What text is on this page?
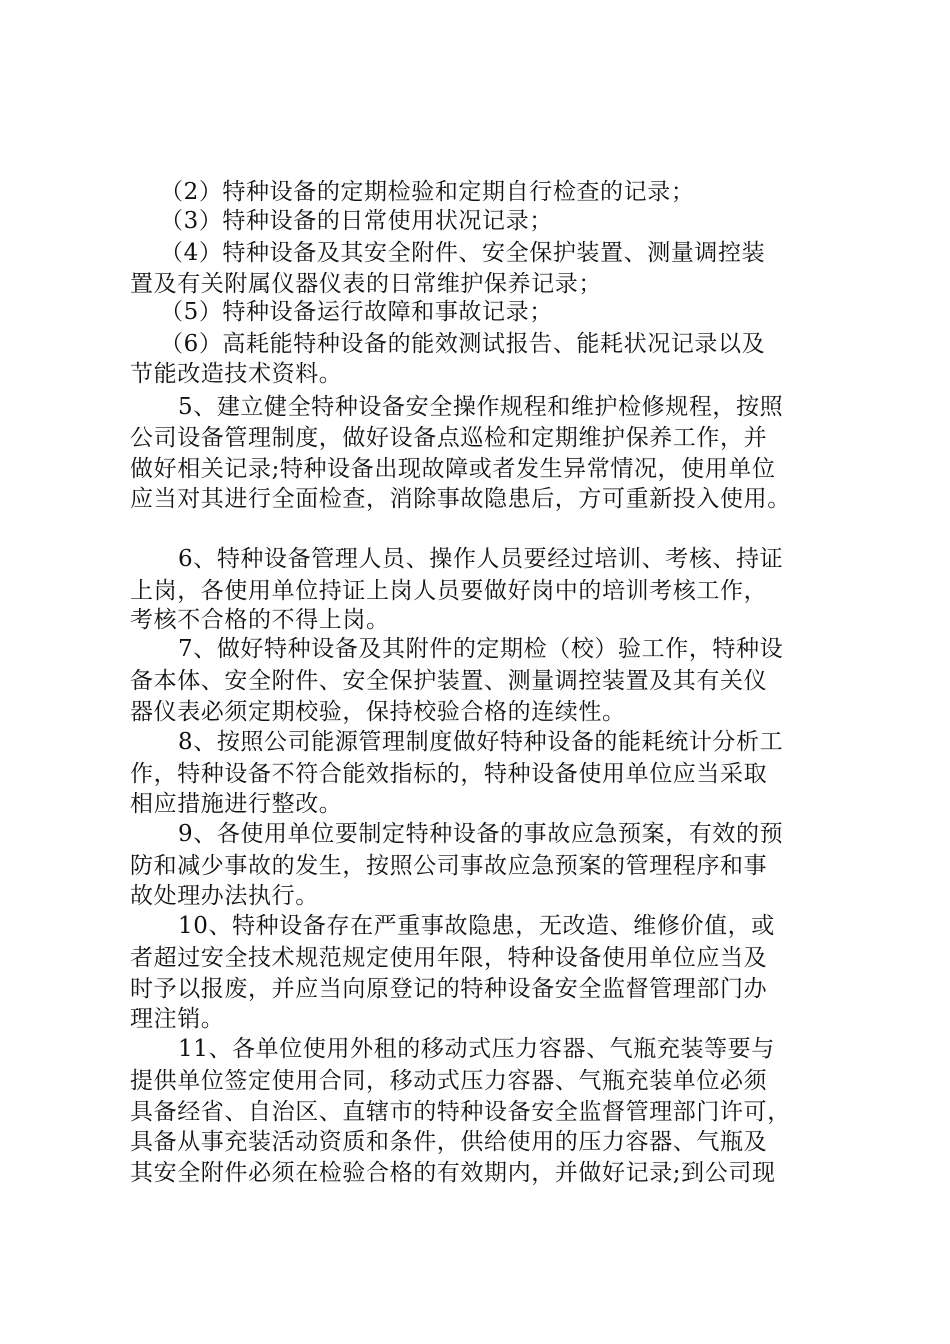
（2）特种设备的定期检验和定期自行检查的记录；
（3）特种设备的日常使用状况记录；
（4）特种设备及其安全附件、安全保护装置、测量调控装
置及有关附属仪器仪表的日常维护保养记录；
（5）特种设备运行故障和事故记录；
（6）高耗能特种设备的能效测试报告、能耗状况记录以及
节能改造技术资料。
5、建立健全特种设备安全操作规程和维护检修规程，按照
公司设备管理制度，做好设备点巡检和定期维护保养工作，并
做好相关记录;特种设备出现故障或者发生异常情况，使用单位
应当对其进行全面检查，消除事故隐患后，方可重新投入使用。
6、特种设备管理人员、操作人员要经过培训、考核、持证
上岗，各使用单位持证上岗人员要做好岗中的培训考核工作，
考核不合格的不得上岗。
7、做好特种设备及其附件的定期检（校）验工作，特种设
备本体、安全附件、安全保护装置、测量调控装置及其有关仪
器仪表必须定期校验，保持校验合格的连续性。
8、按照公司能源管理制度做好特种设备的能耗统计分析工
作，特种设备不符合能效指标的，特种设备使用单位应当采取
相应措施进行整改。
9、各使用单位要制定特种设备的事故应急预案，有效的预
防和减少事故的发生，按照公司事故应急预案的管理程序和事
故处理办法执行。
10、特种设备存在严重事故隐患，无改造、维修价值，或
者超过安全技术规范规定使用年限，特种设备使用单位应当及
时予以报废，并应当向原登记的特种设备安全监督管理部门办
理注销。
11、各单位使用外租的移动式压力容器、气瓶充装等要与
提供单位签定使用合同，移动式压力容器、气瓶充装单位必须
具备经省、自治区、直辖市的特种设备安全监督管理部门许可，
具备从事充装活动资质和条件，供给使用的压力容器、气瓶及
其安全附件必须在检验合格的有效期内，并做好记录;到公司现
